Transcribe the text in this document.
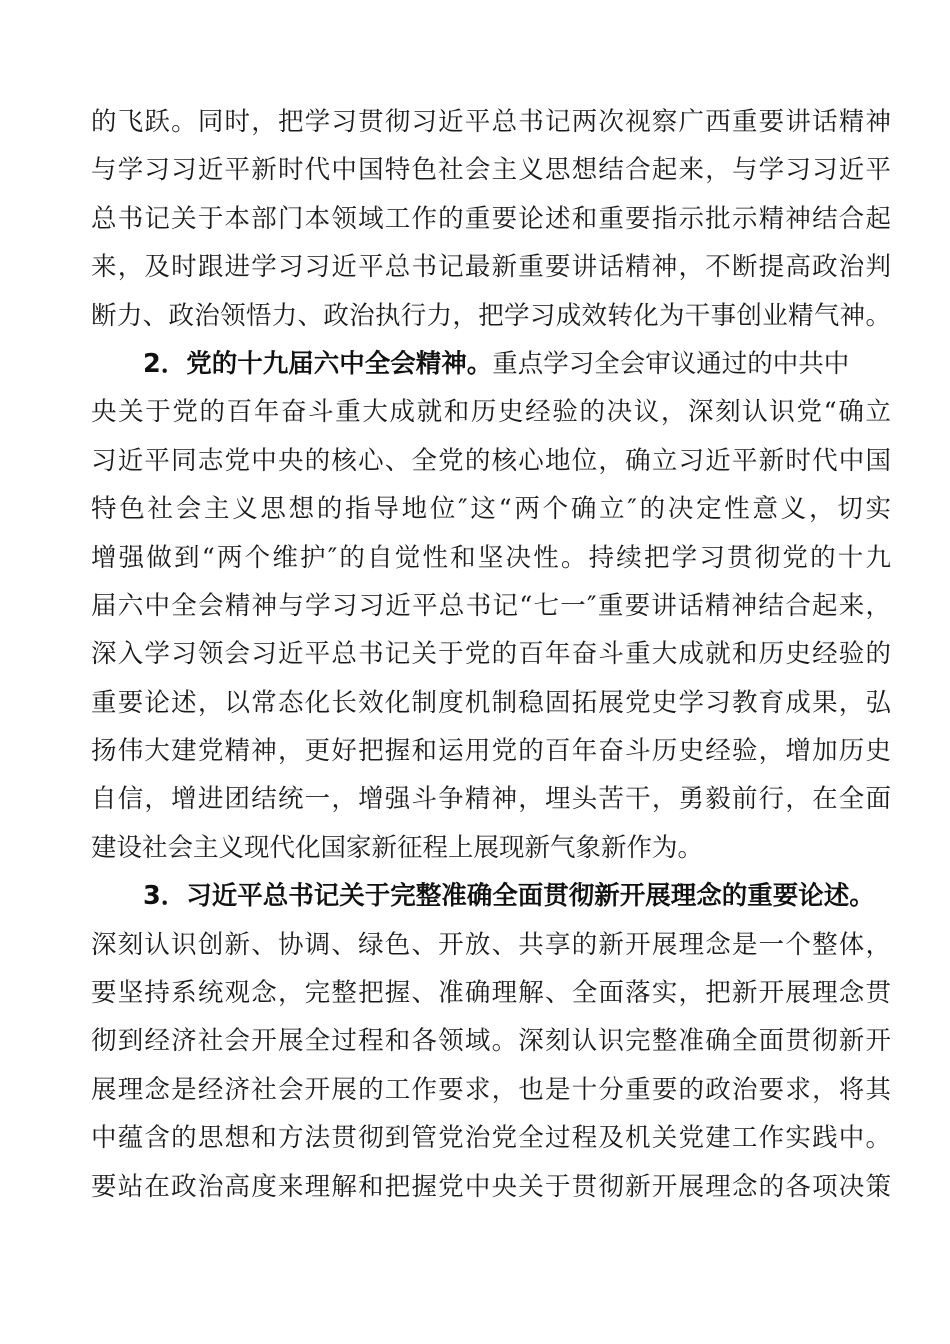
的飞跃。同时，把学习贯彻习近平总书记两次视察广西重要讲话精神
与学习习近平新时代中国特色社会主义思想结合起来，与学习习近平
总书记关于本部门本领域工作的重要论述和重要指示批示精神结合起
来，及时跟进学习习近平总书记最新重要讲话精神，不断提高政治判
断力、政治领悟力、政治执行力，把学习成效转化为干事创业精气神。
2．党的十九届六中全会精神。重点学习全会审议通过的中共中
央关于党的百年奋斗重大成就和历史经验的决议，深刻认识党“确立
习近平同志党中央的核心、全党的核心地位，确立习近平新时代中国
特色社会主义思想的指导地位″这“两个确立″的决定性意义，切实
增强做到“两个维护″的自觉性和坚决性。持续把学习贯彻党的十九
届六中全会精神与学习习近平总书记“七一″重要讲话精神结合起来，
深入学习领会习近平总书记关于党的百年奋斗重大成就和历史经验的
重要论述，以常态化长效化制度机制稳固拓展党史学习教育成果，弘
扬伟大建党精神，更好把握和运用党的百年奋斗历史经验，增加历史
自信，增进团结统一，增强斗争精神，埋头苦干，勇毅前行，在全面
建设社会主义现代化国家新征程上展现新气象新作为。
3．习近平总书记关于完整准确全面贯彻新开展理念的重要论述。
深刻认识创新、协调、绿色、开放、共享的新开展理念是一个整体，
要坚持系统观念，完整把握、准确理解、全面落实，把新开展理念贯
彻到经济社会开展全过程和各领域。深刻认识完整准确全面贯彻新开
展理念是经济社会开展的工作要求，也是十分重要的政治要求，将其
中蕴含的思想和方法贯彻到管党治党全过程及机关党建工作实践中。
要站在政治高度来理解和把握党中央关于贯彻新开展理念的各项决策
